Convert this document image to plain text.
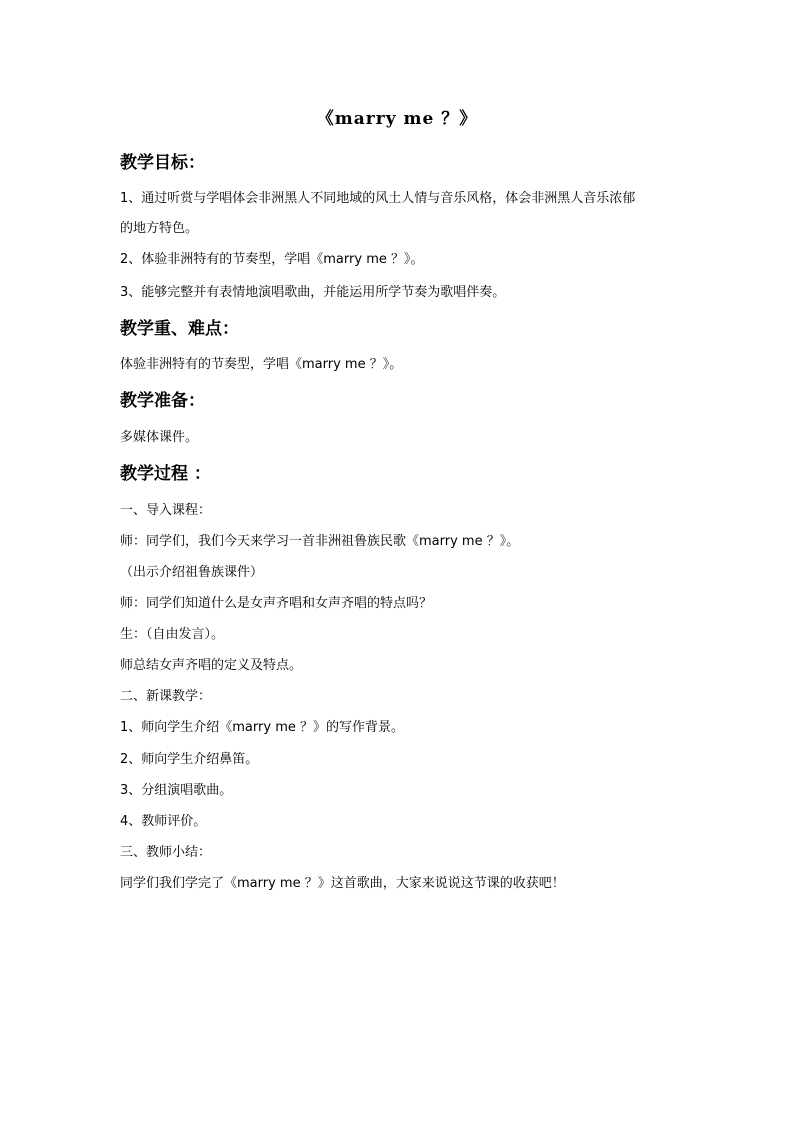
《marry me ？》
教学目标：
1、通过听赏与学唱体会非洲黑人不同地域的风土人情与音乐风格，体会非洲黑人音乐浓郁
的地方特色。
2、体验非洲特有的节奏型，学唱《marry me ？》。
3、能够完整并有表情地演唱歌曲，并能运用所学节奏为歌唱伴奏。
教学重、难点：
体验非洲特有的节奏型，学唱《marry me ？》。
教学准备：
多媒体课件。
教学过程 ：
一、导入课程：
师：同学们，我们今天来学习一首非洲祖鲁族民歌《marry me ？》。
（出示介绍祖鲁族课件）
师：同学们知道什么是女声齐唱和女声齐唱的特点吗？
生：（自由发言）。
师总结女声齐唱的定义及特点。
二、新课教学：
1、师向学生介绍《marry me ？》的写作背景。
2、师向学生介绍鼻笛。
3、分组演唱歌曲。
4、教师评价。
三、教师小结：
同学们我们学完了《marry me ？》这首歌曲，大家来说说这节课的收获吧！
